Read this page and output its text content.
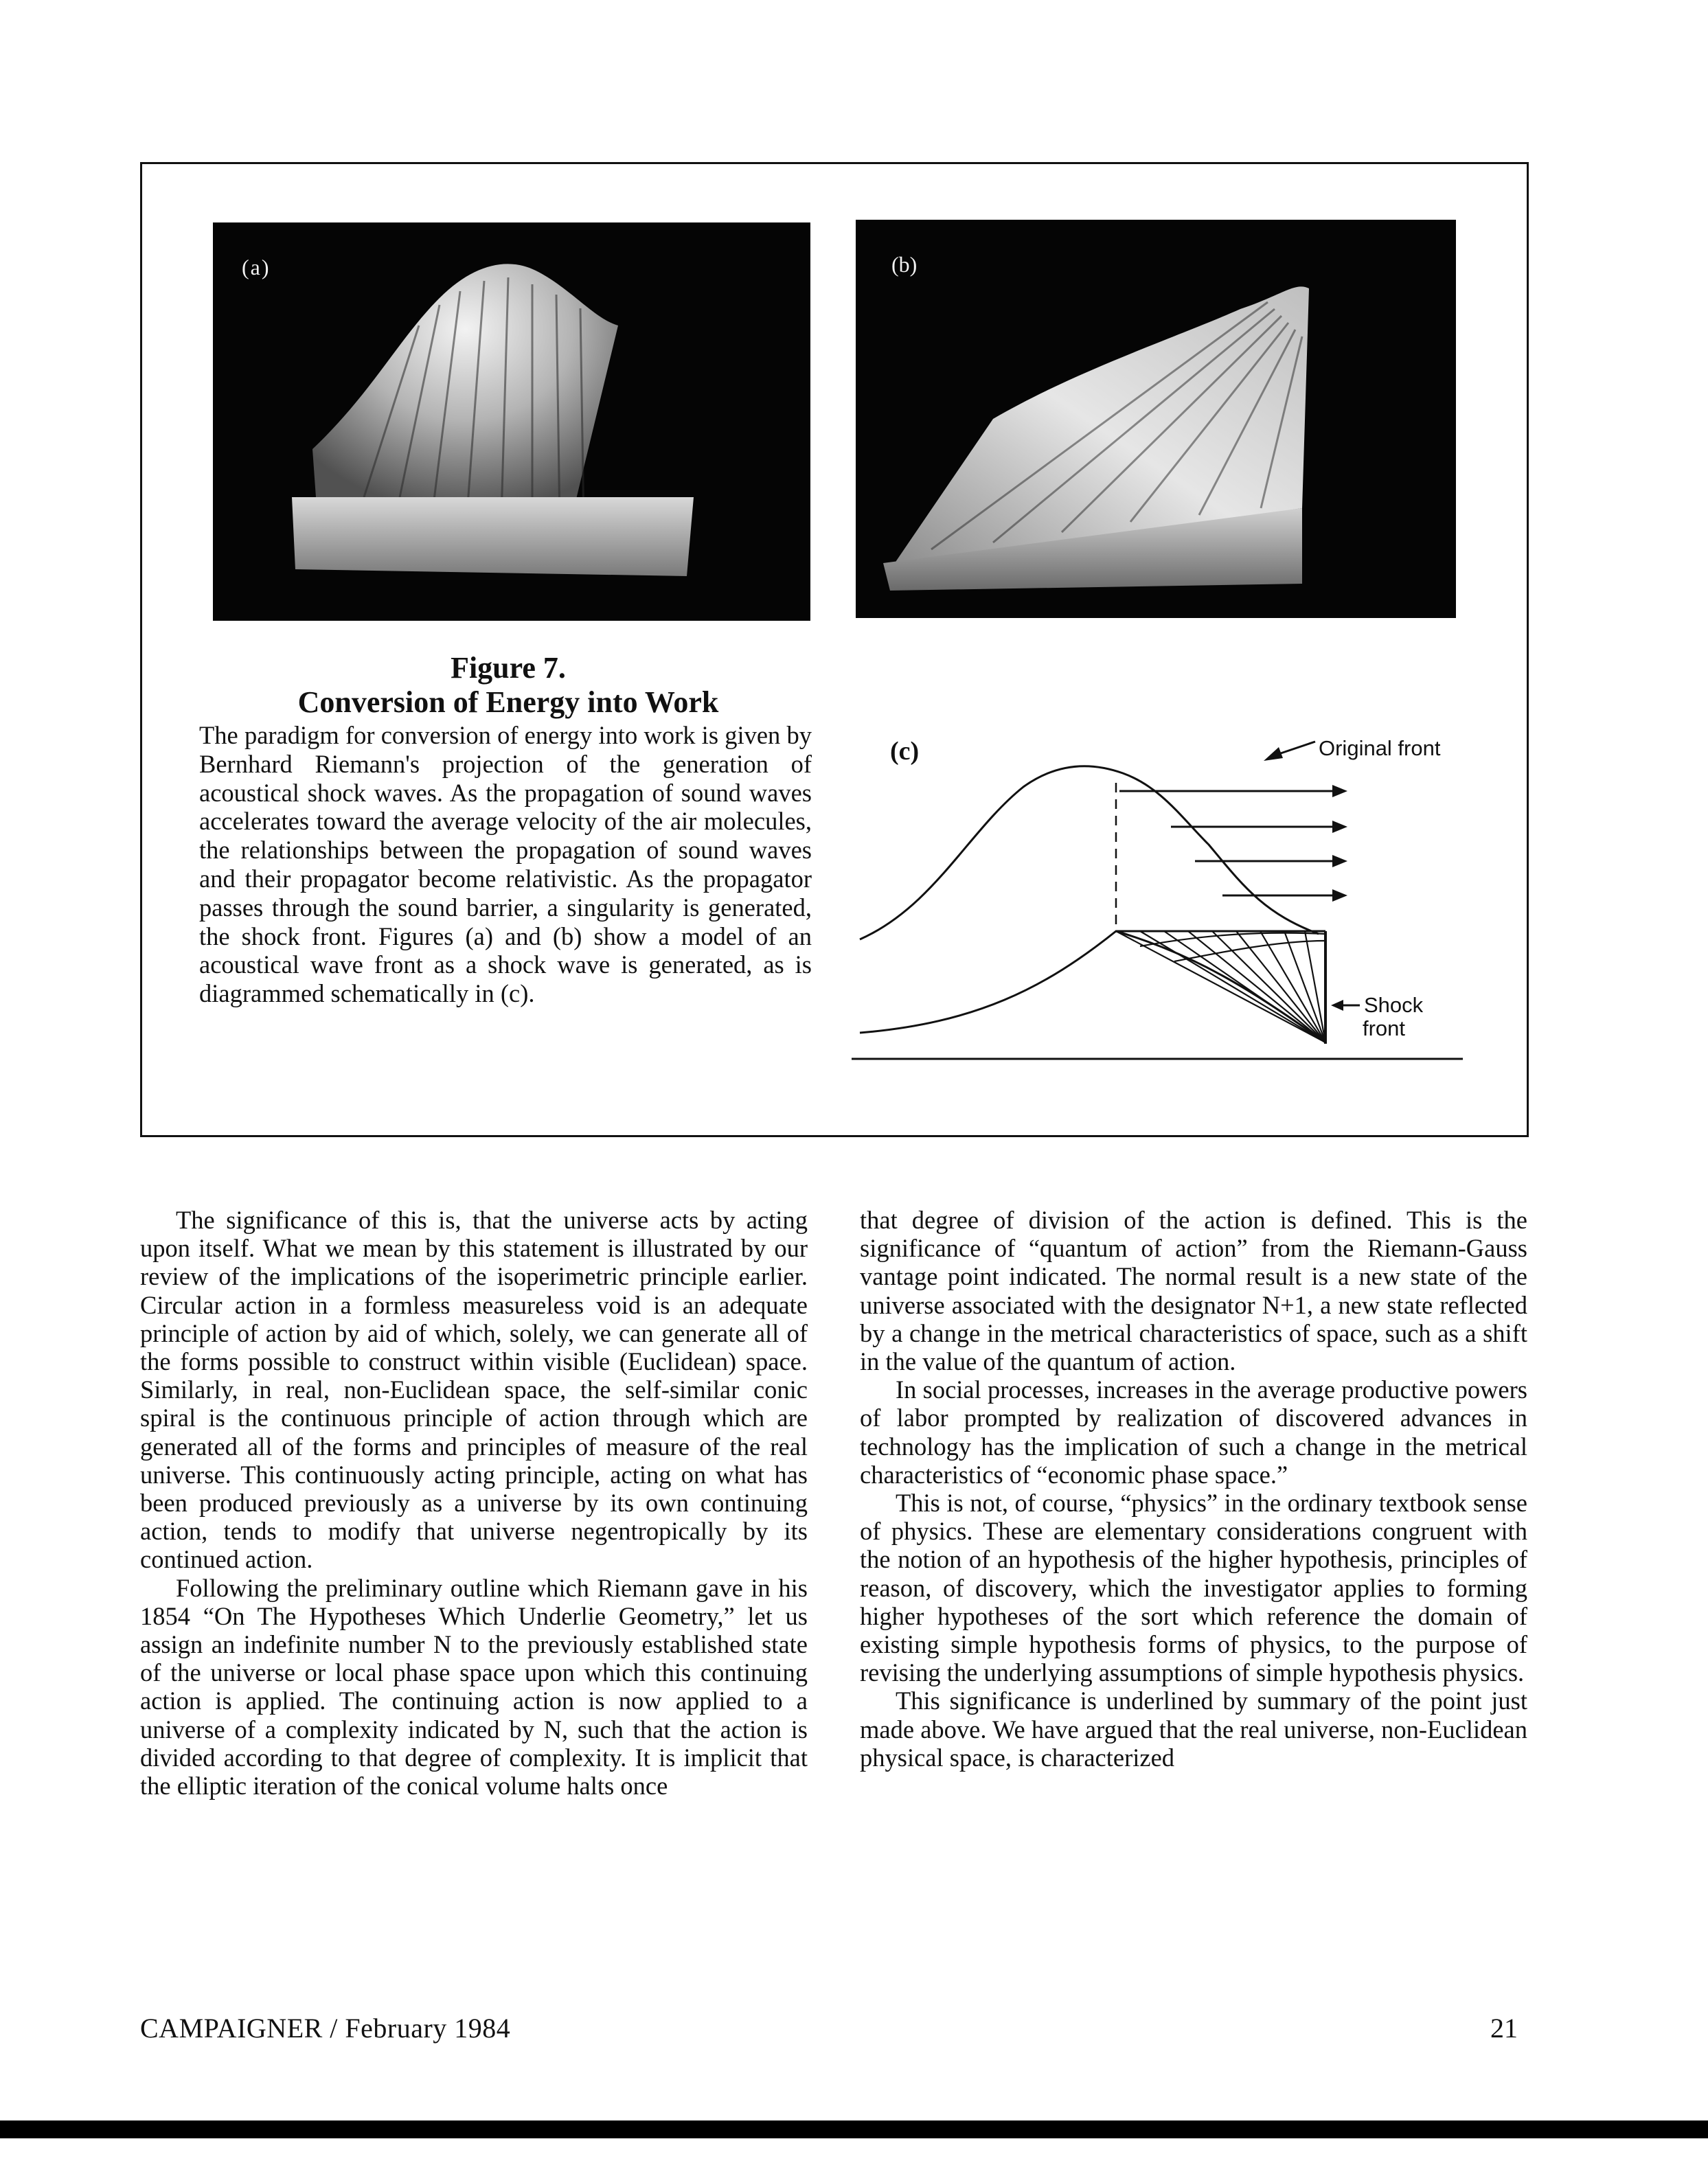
(a)	(b)
Figure 7.
Conversion of Energy into Work
The paradigm for conversion of energy into work is given by Bernhard Riemann's projection of the generation of acoustical shock waves. As the propagation of sound waves accelerates toward the average velocity of the air molecules, the relationships between the propagation of sound waves and their propagator become relativistic. As the propagator passes through the sound barrier, a singularity is generated, the shock front. Figures (a) and (b) show a model of an acoustical wave front as a shock wave is generated, as is diagrammed schematically in (c).
(c)	Original front
Shock
front

The significance of this is, that the universe acts by acting upon itself. What we mean by this statement is illustrated by our review of the implications of the isoperimetric principle earlier. Circular action in a formless measureless void is an adequate principle of action by aid of which, solely, we can generate all of the forms possible to construct within visible (Euclidean) space. Similarly, in real, non-Euclidean space, the self-similar conic spiral is the continuous principle of action through which are generated all of the forms and principles of measure of the real universe. This continuously acting principle, acting on what has been produced previously as a universe by its own continuing action, tends to modify that universe negentropically by its continued action.

Following the preliminary outline which Riemann gave in his 1854 “On The Hypotheses Which Underlie Geometry,” let us assign an indefinite number N to the previously established state of the universe or local phase space upon which this continuing action is applied. The continuing action is now applied to a universe of a complexity indicated by N, such that the action is divided according to that degree of complexity. It is implicit that the elliptic iteration of the conical volume halts once

that degree of division of the action is defined. This is the significance of “quantum of action” from the Riemann-Gauss vantage point indicated. The normal result is a new state of the universe associated with the designator N+1, a new state reflected by a change in the metrical characteristics of space, such as a shift in the value of the quantum of action.

In social processes, increases in the average productive powers of labor prompted by realization of discovered advances in technology has the implication of such a change in the metrical characteristics of “economic phase space.”

This is not, of course, “physics” in the ordinary textbook sense of physics. These are elementary considerations congruent with the notion of an hypothesis of the higher hypothesis, principles of reason, of discovery, which the investigator applies to forming higher hypotheses of the sort which reference the domain of existing simple hypothesis forms of physics, to the purpose of revising the underlying assumptions of simple hypothesis physics.

This significance is underlined by summary of the point just made above. We have argued that the real universe, non-Euclidean physical space, is characterized

CAMPAIGNER / February 1984	21
